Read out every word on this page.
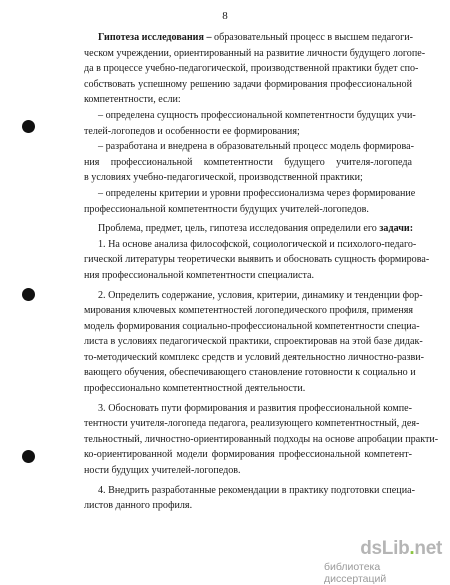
8
Гипотеза исследования – образовательный процесс в высшем педагоги-
ческом учреждении, ориентированный на развитие личности будущего логопе-
да в процессе учебно-педагогической, производственной практики будет спо-
собствовать успешному решению задачи формирования профессиональной
компетентности, если:
– определена сущность профессиональной компетентности будущих учи-
телей-логопедов и особенности ее формирования;
– разработана и внедрена в образовательный процесс модель формирова-
ния профессиональной компетентности будущего учителя-логопеда
в условиях учебно-педагогической, производственной практики;
– определены критерии и уровни профессионализма через формирование
профессиональной компетентности будущих учителей-логопедов.
Проблема, предмет, цель, гипотеза исследования определили его задачи:
1. На основе анализа философской, социологической и психолого-педаго-
гической литературы теоретически выявить и обосновать сущность формирова-
ния профессиональной компетентности специалиста.
2. Определить содержание, условия, критерии, динамику и тенденции фор-
мирования ключевых компетентностей логопедического профиля, применяя
модель формирования социально-профессиональной компетентности специа-
листа в условиях педагогической практики, спроектировав на этой базе дидак-
то-методический комплекс средств и условий деятельностно личностно-разви-
вающего обучения, обеспечивающего становление готовности к социально и
профессионально компетентностной деятельности.
3. Обосновать пути формирования и развития профессиональной компе-
тентности учителя-логопеда педагога, реализующего компетентностный, дея-
тельностный, личностно-ориентированный подходы на основе апробации практи-
ко-ориентированной модели формирования профессиональной компетент-
ности будущих учителей-логопедов.
4. Внедрить разработанные рекомендации в практику подготовки специа-
листов данного профиля.
dsLib.net
библиотека диссертаций
